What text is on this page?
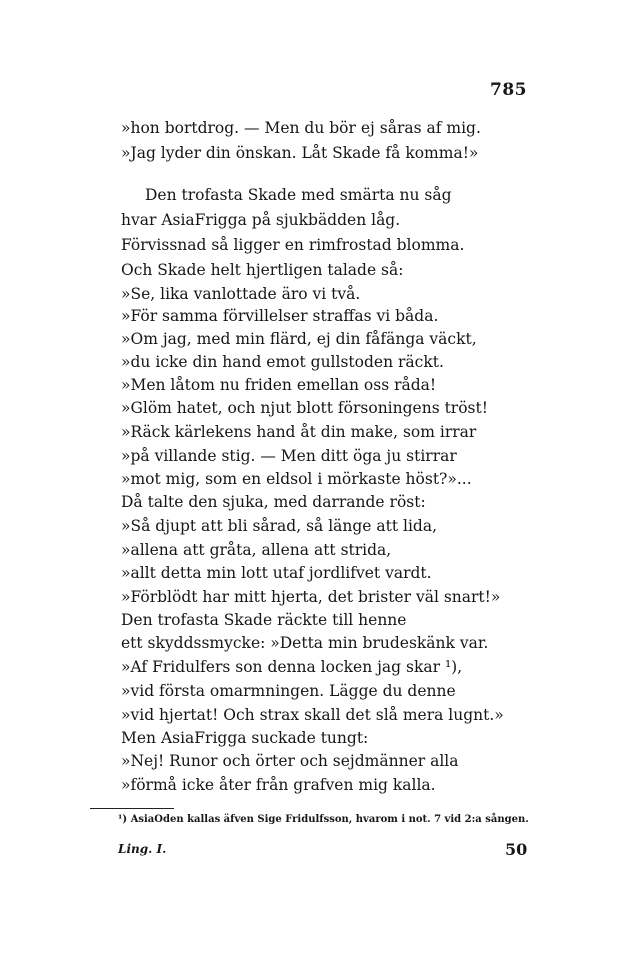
785
»hon bortdrog. — Men du bör ej såras af mig.
»Jag lyder din önskan. Låt Skade få komma!»
Den trofasta Skade med smärta nu såg
hvar AsiaFrigga på sjukbädden låg.
Förvissnad så ligger en rimfrostad blomma.
Och Skade helt hjertligen talade så:
»Se, lika vanlottade äro vi två.
»För samma förvillelser straffas vi båda.
»Om jag, med min flärd, ej din fåfänga väckt,
»du icke din hand emot gullstoden räckt.
»Men låtom nu friden emellan oss råda!
»Glöm hatet, och njut blott försoningens tröst!
»Räck kärlekens hand åt din make, som irrar
»på villande stig. — Men ditt öga ju stirrar
»mot mig, som en eldsol i mörkaste höst?»...
Då talte den sjuka, med darrande röst:
»Så djupt att bli sårad, så länge att lida,
»allena att gråta, allena att strida,
»allt detta min lott utaf jordlifvet vardt.
»Förblödt har mitt hjerta, det brister väl snart!»
Den trofasta Skade räckte till henne
ett skyddssmycke: »Detta min brudeskänk var.
»Af Fridulfers son denna locken jag skar ¹),
»vid första omarmningen. Lägge du denne
»vid hjertat! Och strax skall det slå mera lugnt.»
Men AsiaFrigga suckade tungt:
»Nej! Runor och örter och sejdmänner alla
»förmå icke åter från grafven mig kalla.
¹) AsiaOden kallas äfven Sige Fridulfsson, hvarom i not. 7 vid 2:a sången.
Ling. I.	50
